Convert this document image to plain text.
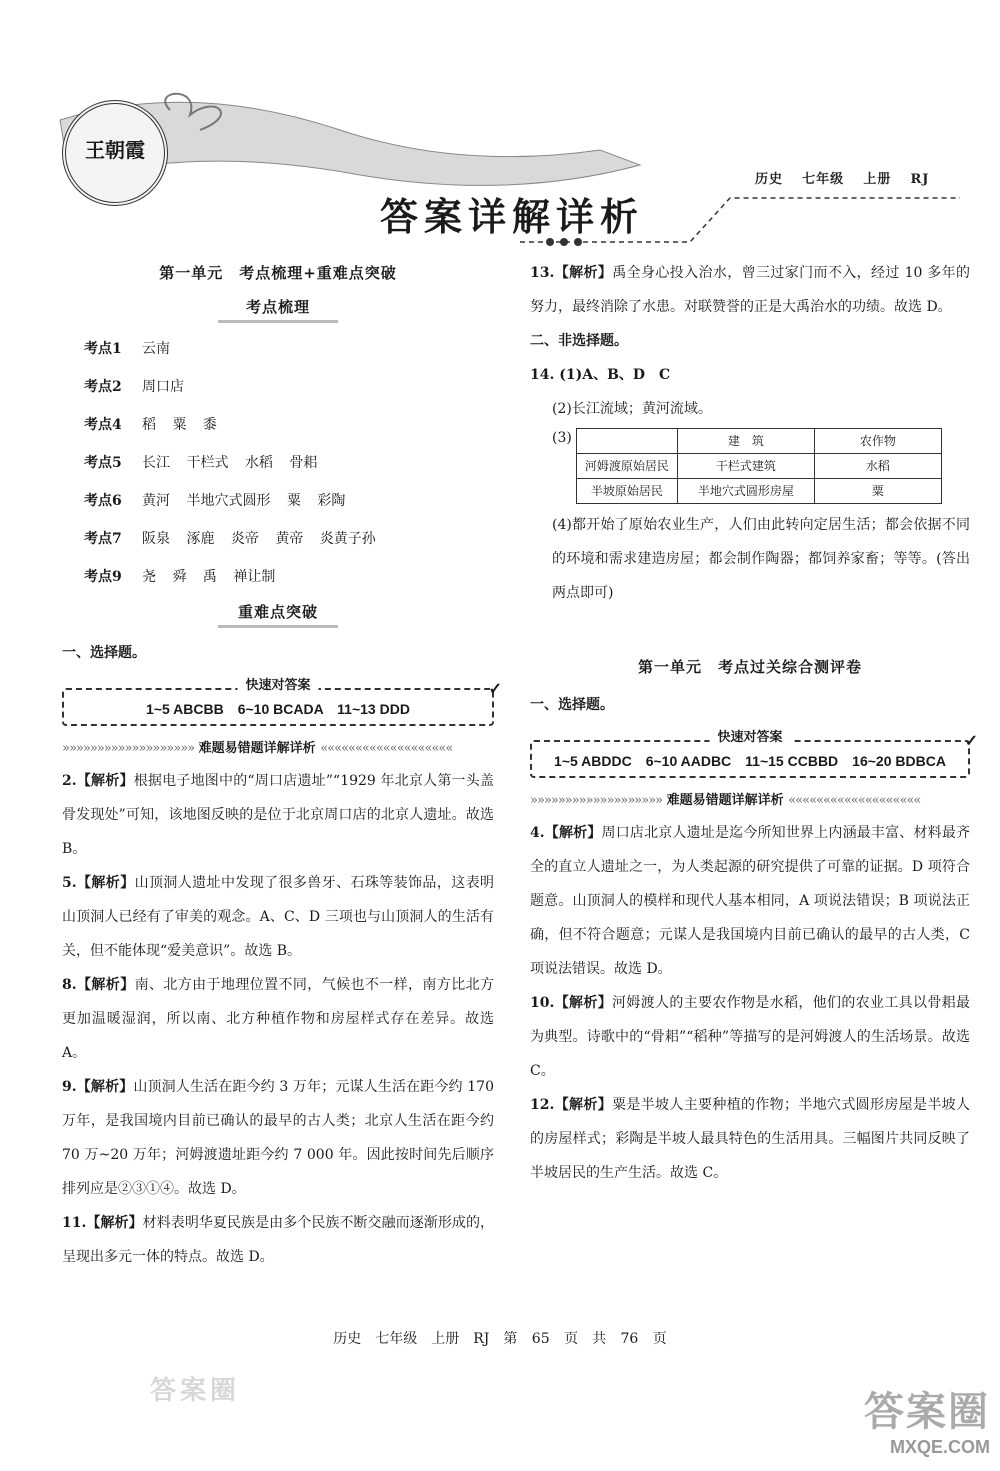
王朝霞
答案详解详析
历史 七年级 上册 RJ
第一单元　考点梳理+重难点突破
考点梳理
考点1 云南
考点2 周口店
考点4 稻 粟 黍
考点5 长江 干栏式 水稻 骨耜
考点6 黄河 半地穴式圆形 粟 彩陶
考点7 阪泉 涿鹿 炎帝 黄帝 炎黄子孙
考点9 尧 舜 禹 禅让制
重难点突破
一、选择题。
快速对答案	✓
1~5 ABCBB　6~10 BCADA　11~13 DDD
»»»»»»»»»»»»»»»»»»» 难题易错题详解详析 «««««««««««««««««««

2.【解析】根据电子地图中的“周口店遗址”“1929 年北京人第一头盖骨发现处”可知，该地图反映的是位于北京周口店的北京人遗址。故选 B。

5.【解析】山顶洞人遗址中发现了很多兽牙、石珠等装饰品，这表明山顶洞人已经有了审美的观念。A、C、D 三项也与山顶洞人的生活有关，但不能体现“爱美意识”。故选 B。

8.【解析】南、北方由于地理位置不同，气候也不一样，南方比北方更加温暖湿润，所以南、北方种植作物和房屋样式存在差异。故选 A。

9.【解析】山顶洞人生活在距今约 3 万年；元谋人生活在距今约 170 万年，是我国境内目前已确认的最早的古人类；北京人生活在距今约 70 万~20 万年；河姆渡遗址距今约 7 000 年。因此按时间先后顺序排列应是②③①④。故选 D。

11.【解析】材料表明华夏民族是由多个民族不断交融而逐渐形成的，呈现出多元一体的特点。故选 D。

13.【解析】禹全身心投入治水，曾三过家门而不入，经过 10 多年的努力，最终消除了水患。对联赞誉的正是大禹治水的功绩。故选 D。

二、非选择题。
14. (1)A、B、D　C
(2)长江流域；黄河流域。
(3)
		建　筑	农作物
河姆渡原始居民	干栏式建筑	水稻
半坡原始居民	半地穴式圆形房屋	粟

(4)都开始了原始农业生产，人们由此转向定居生活；都会依据不同的环境和需求建造房屋；都会制作陶器；都饲养家畜；等等。(答出两点即可)

第一单元　考点过关综合测评卷
一、选择题。
快速对答案	✓
1~5 ABDDC　6~10 AADBC　11~15 CCBBD　16~20 BDBCA
»»»»»»»»»»»»»»»»»»» 难题易错题详解详析 «««««««««««««««««««

4.【解析】周口店北京人遗址是迄今所知世界上内涵最丰富、材料最齐全的直立人遗址之一，为人类起源的研究提供了可靠的证据。D 项符合题意。山顶洞人的模样和现代人基本相同，A 项说法错误；B 项说法正确，但不符合题意；元谋人是我国境内目前已确认的最早的古人类，C 项说法错误。故选 D。

10.【解析】河姆渡人的主要农作物是水稻，他们的农业工具以骨耜最为典型。诗歌中的“骨耜”“稻种”等描写的是河姆渡人的生活场景。故选 C。

12.【解析】粟是半坡人主要种植的作物；半地穴式圆形房屋是半坡人的房屋样式；彩陶是半坡人最具特色的生活用具。三幅图片共同反映了半坡居民的生产生活。故选 C。

历史　七年级　上册　RJ　第 65 页　共 76 页
答案圈	答案圈
MXQE.COM
